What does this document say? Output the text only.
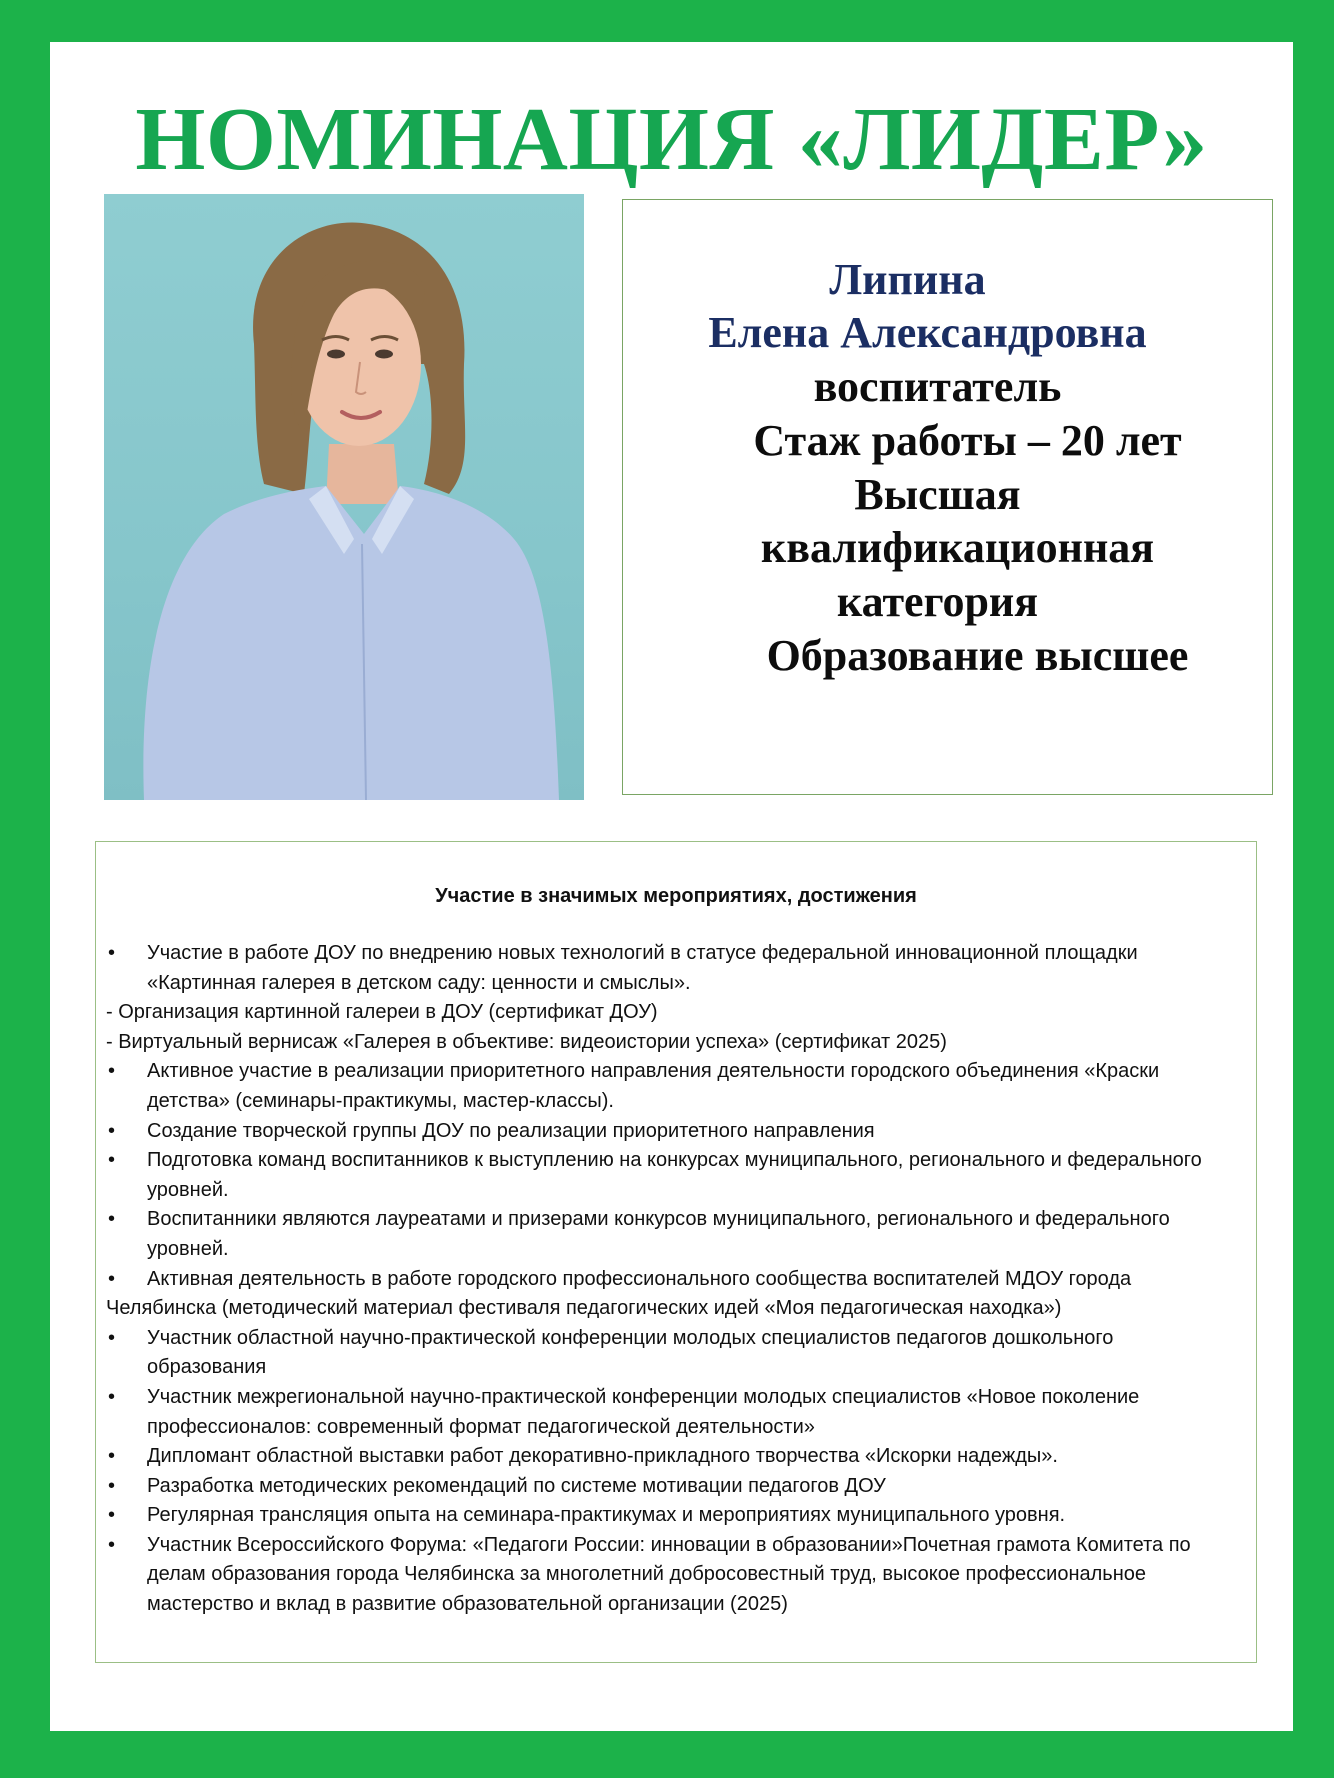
НОМИНАЦИЯ «ЛИДЕР»
Липина
Елена Александровна
воспитатель
Стаж работы – 20 лет
Высшая
квалификационная
категория
Образование высшее
Участие в значимых мероприятиях, достижения
• Участие в работе ДОУ по внедрению новых технологий в статусе федеральной инновационной площадки «Картинная галерея в детском саду: ценности и смыслы».
- Организация картинной галереи в ДОУ (сертификат ДОУ)
- Виртуальный вернисаж «Галерея в объективе: видеоистории успеха» (сертификат 2025)
• Активное участие в реализации приоритетного направления деятельности городского объединения «Краски детства» (семинары-практикумы, мастер-классы).
• Создание творческой группы ДОУ по реализации приоритетного направления
• Подготовка команд воспитанников к выступлению на конкурсах муниципального, регионального и федерального уровней.
• Воспитанники являются лауреатами и призерами конкурсов муниципального, регионального и федерального уровней.
• Активная деятельность в работе городского профессионального сообщества воспитателей МДОУ города Челябинска (методический материал фестиваля педагогических идей «Моя педагогическая находка»)
• Участник областной научно-практической конференции молодых специалистов педагогов дошкольного образования
• Участник межрегиональной научно-практической конференции молодых специалистов «Новое поколение профессионалов: современный формат педагогической деятельности»
• Дипломант областной выставки работ декоративно-прикладного творчества «Искорки надежды».
• Разработка методических рекомендаций по системе мотивации педагогов ДОУ
• Регулярная трансляция опыта на семинара-практикумах и мероприятиях муниципального уровня.
• Участник Всероссийского Форума: «Педагоги России: инновации в образовании»Почетная грамота Комитета по делам образования города Челябинска за многолетний добросовестный труд, высокое профессиональное мастерство и вклад в развитие образовательной организации (2025)
